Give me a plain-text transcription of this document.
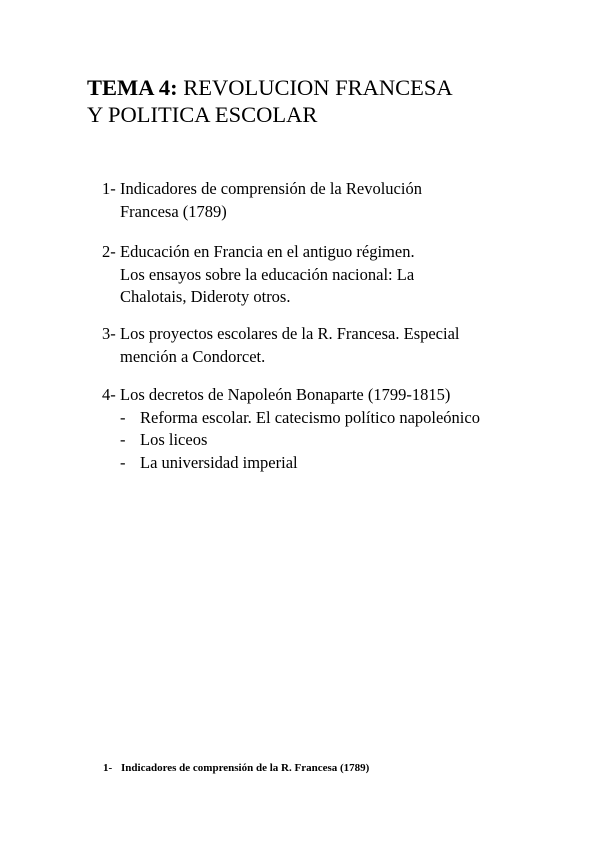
TEMA 4: REVOLUCION FRANCESA
Y POLITICA ESCOLAR
1- Indicadores de comprensión de la Revolución
Francesa (1789)
2- Educación en Francia en el antiguo régimen.
Los ensayos sobre la educación nacional: La
Chalotais, Dideroty otros.
3- Los proyectos escolares de la R. Francesa. Especial
mención a Condorcet.
4- Los decretos de Napoleón Bonaparte (1799-1815)
- Reforma escolar. El catecismo político napoleónico
- Los liceos
- La universidad imperial
1- Indicadores de comprensión de la R. Francesa (1789)
